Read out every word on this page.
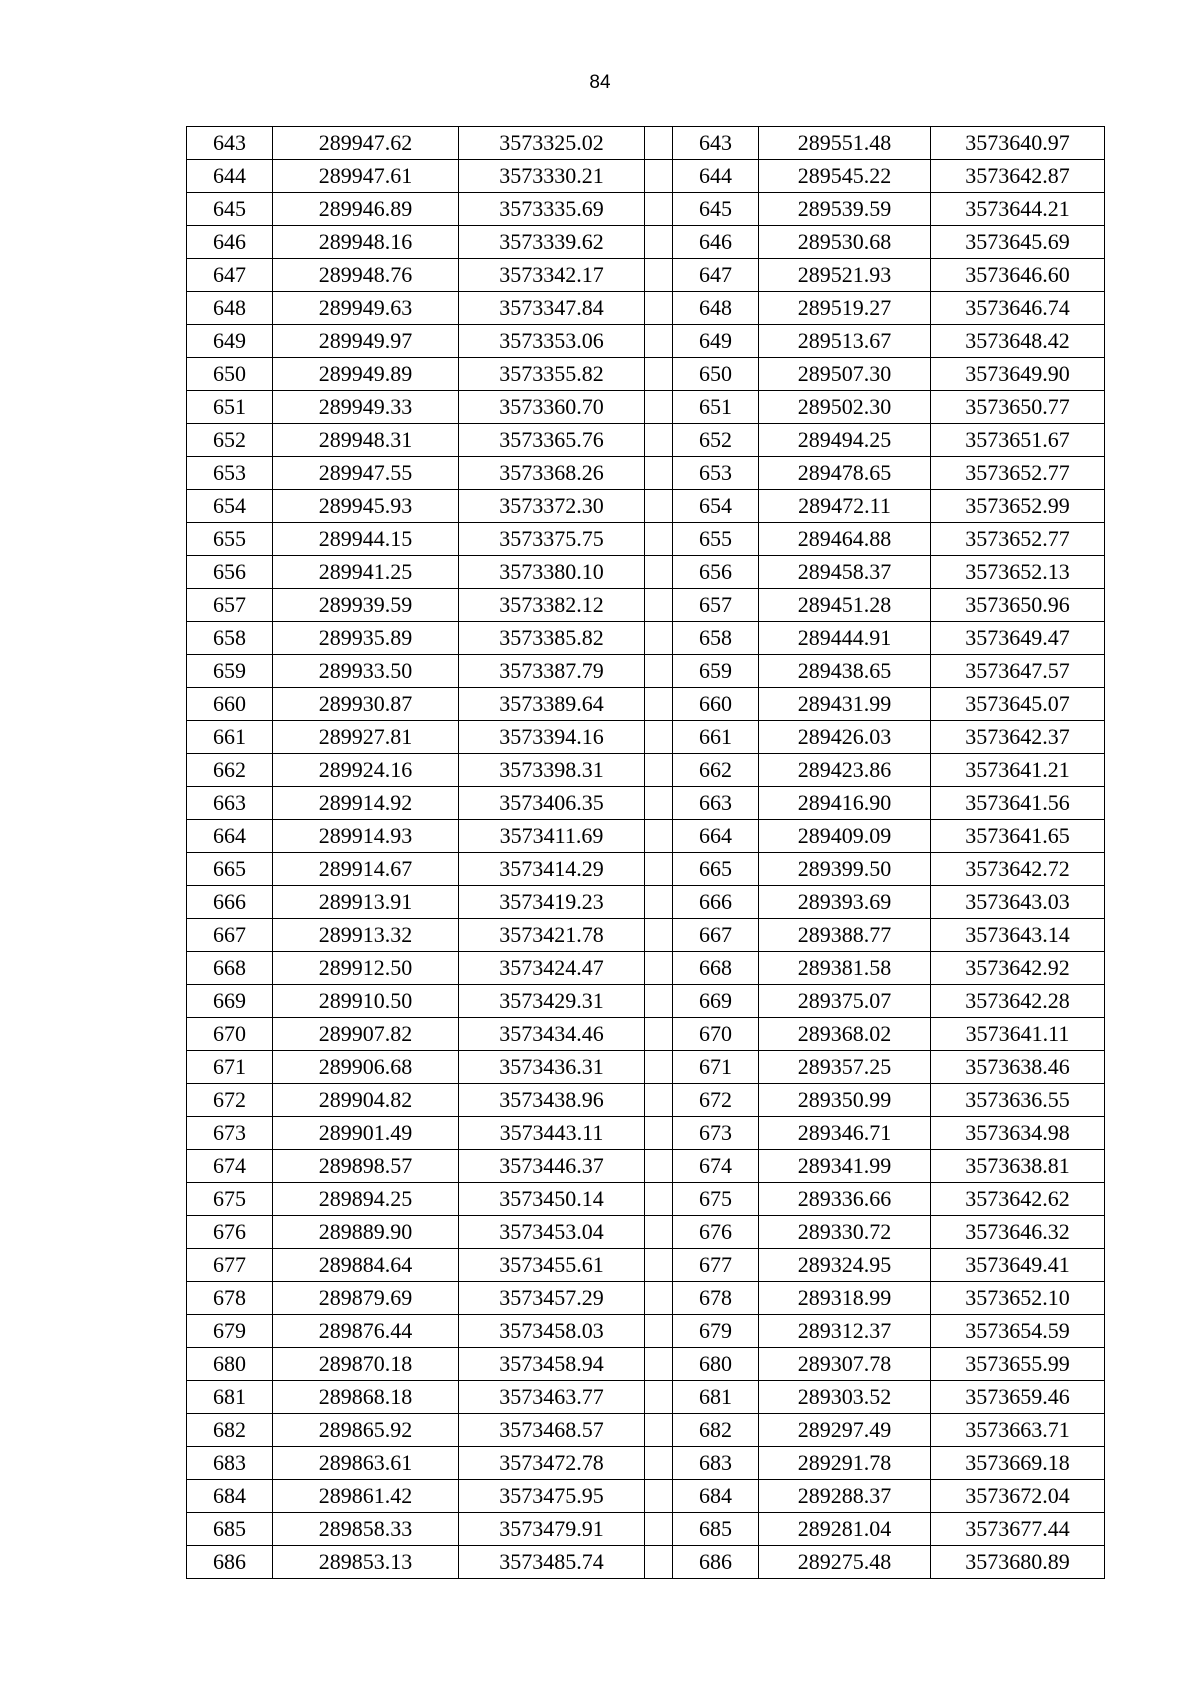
84
643	289947.62	3573325.02		643	289551.48	3573640.97
644	289947.61	3573330.21		644	289545.22	3573642.87
645	289946.89	3573335.69		645	289539.59	3573644.21
646	289948.16	3573339.62		646	289530.68	3573645.69
647	289948.76	3573342.17		647	289521.93	3573646.60
648	289949.63	3573347.84		648	289519.27	3573646.74
649	289949.97	3573353.06		649	289513.67	3573648.42
650	289949.89	3573355.82		650	289507.30	3573649.90
651	289949.33	3573360.70		651	289502.30	3573650.77
652	289948.31	3573365.76		652	289494.25	3573651.67
653	289947.55	3573368.26		653	289478.65	3573652.77
654	289945.93	3573372.30		654	289472.11	3573652.99
655	289944.15	3573375.75		655	289464.88	3573652.77
656	289941.25	3573380.10		656	289458.37	3573652.13
657	289939.59	3573382.12		657	289451.28	3573650.96
658	289935.89	3573385.82		658	289444.91	3573649.47
659	289933.50	3573387.79		659	289438.65	3573647.57
660	289930.87	3573389.64		660	289431.99	3573645.07
661	289927.81	3573394.16		661	289426.03	3573642.37
662	289924.16	3573398.31		662	289423.86	3573641.21
663	289914.92	3573406.35		663	289416.90	3573641.56
664	289914.93	3573411.69		664	289409.09	3573641.65
665	289914.67	3573414.29		665	289399.50	3573642.72
666	289913.91	3573419.23		666	289393.69	3573643.03
667	289913.32	3573421.78		667	289388.77	3573643.14
668	289912.50	3573424.47		668	289381.58	3573642.92
669	289910.50	3573429.31		669	289375.07	3573642.28
670	289907.82	3573434.46		670	289368.02	3573641.11
671	289906.68	3573436.31		671	289357.25	3573638.46
672	289904.82	3573438.96		672	289350.99	3573636.55
673	289901.49	3573443.11		673	289346.71	3573634.98
674	289898.57	3573446.37		674	289341.99	3573638.81
675	289894.25	3573450.14		675	289336.66	3573642.62
676	289889.90	3573453.04		676	289330.72	3573646.32
677	289884.64	3573455.61		677	289324.95	3573649.41
678	289879.69	3573457.29		678	289318.99	3573652.10
679	289876.44	3573458.03		679	289312.37	3573654.59
680	289870.18	3573458.94		680	289307.78	3573655.99
681	289868.18	3573463.77		681	289303.52	3573659.46
682	289865.92	3573468.57		682	289297.49	3573663.71
683	289863.61	3573472.78		683	289291.78	3573669.18
684	289861.42	3573475.95		684	289288.37	3573672.04
685	289858.33	3573479.91		685	289281.04	3573677.44
686	289853.13	3573485.74		686	289275.48	3573680.89
